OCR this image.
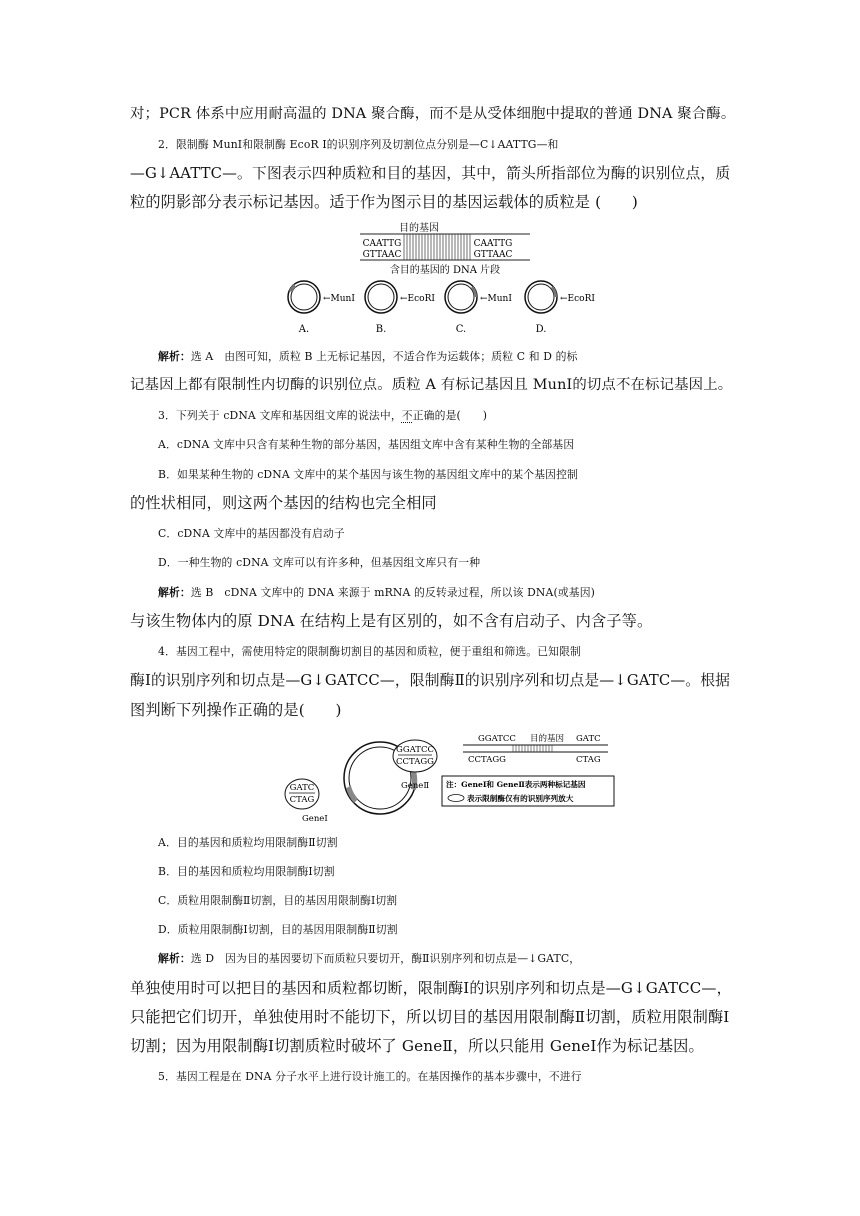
对；PCR 体系中应用耐高温的 DNA 聚合酶，而不是从受体细胞中提取的普通 DNA 聚合酶。
2．限制酶 MunⅠ和限制酶 EcoR Ⅰ的识别序列及切割位点分别是—C↓AATTG—和
—G↓AATTC—。下图表示四种质粒和目的基因，其中，箭头所指部位为酶的识别位点，质
粒的阴影部分表示标记基因。适于作为图示目的基因运载体的质粒是 (　　)
目的基因
CAATTG
GTTAAC
CAATTG
GTTAAC
含目的基因的 DNA 片段
←MunⅠ
A.
←EcoRⅠ
B.
←MunⅠ
C.
←EcoRⅠ
D.
解析：选 A　由图可知，质粒 B 上无标记基因，不适合作为运载体；质粒 C 和 D 的标
记基因上都有限制性内切酶的识别位点。质粒 A 有标记基因且 MunⅠ的切点不在标记基因上。
3．下列关于 cDNA 文库和基因组文库的说法中，不正确的是(　　)
A．cDNA 文库中只含有某种生物的部分基因，基因组文库中含有某种生物的全部基因
B．如果某种生物的 cDNA 文库中的某个基因与该生物的基因组文库中的某个基因控制
的性状相同，则这两个基因的结构也完全相同
C．cDNA 文库中的基因都没有启动子
D．一种生物的 cDNA 文库可以有许多种，但基因组文库只有一种
解析：选 B　cDNA 文库中的 DNA 来源于 mRNA 的反转录过程，所以该 DNA(或基因)
与该生物体内的原 DNA 在结构上是有区别的，如不含有启动子、内含子等。
4．基因工程中，需使用特定的限制酶切割目的基因和质粒，便于重组和筛选。已知限制
酶Ⅰ的识别序列和切点是—G↓GATCC—，限制酶Ⅱ的识别序列和切点是—↓GATC—。根据
图判断下列操作正确的是(　　)
GGATCC
CCTAGG
GATC
CTAG
GeneⅡ
GeneⅠ
GGATCC 目的基因 GATC
CCTAGG	CTAG
注：GeneⅠ和 GeneⅡ表示两种标记基因
表示限制酶仅有的识别序列放大
A．目的基因和质粒均用限制酶Ⅱ切割
B．目的基因和质粒均用限制酶Ⅰ切割
C．质粒用限制酶Ⅱ切割，目的基因用限制酶Ⅰ切割
D．质粒用限制酶Ⅰ切割，目的基因用限制酶Ⅱ切割
解析：选 D　因为目的基因要切下而质粒只要切开，酶Ⅱ识别序列和切点是—↓GATC，
单独使用时可以把目的基因和质粒都切断，限制酶Ⅰ的识别序列和切点是—G↓GATCC—，
只能把它们切开，单独使用时不能切下，所以切目的基因用限制酶Ⅱ切割，质粒用限制酶Ⅰ
切割；因为用限制酶Ⅰ切割质粒时破坏了 GeneⅡ，所以只能用 GeneⅠ作为标记基因。
5．基因工程是在 DNA 分子水平上进行设计施工的。在基因操作的基本步骤中，不进行
